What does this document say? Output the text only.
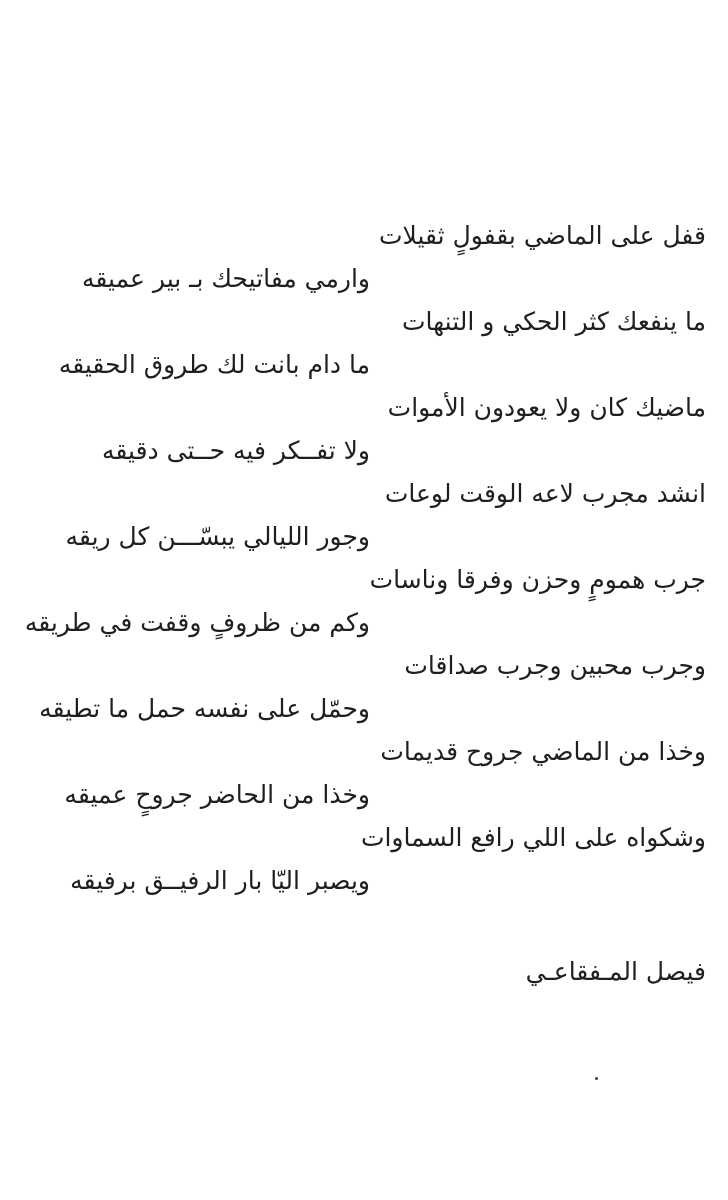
قفل على الماضي بقفولٍ ثقيلات
وارمي مفاتيحك بـ بير عميقه
ما ينفعك كثر الحكي و التنهات
ما دام بانت لك طروق الحقيقه
ماضيك كان ولا يعودون الأموات
ولا تفــكر فيه حــتى دقيقه
انشد مجرب لاعه الوقت لوعات
وجور الليالي يبسّـــن كل ريقه
جرب همومٍ وحزن وفرقا وناسات
وكم من ظروفٍ وقفت في طريقه
وجرب محبين وجرب صداقات
وحمّل على نفسه حمل ما تطيقه
وخذا من الماضي جروح قديمات
وخذا من الحاضر جروحٍ عميقه
وشكواه على اللي رافع السماوات
ويصبر اليّا بار الرفيــق برفيقه
فيصل المـفقاعـي
